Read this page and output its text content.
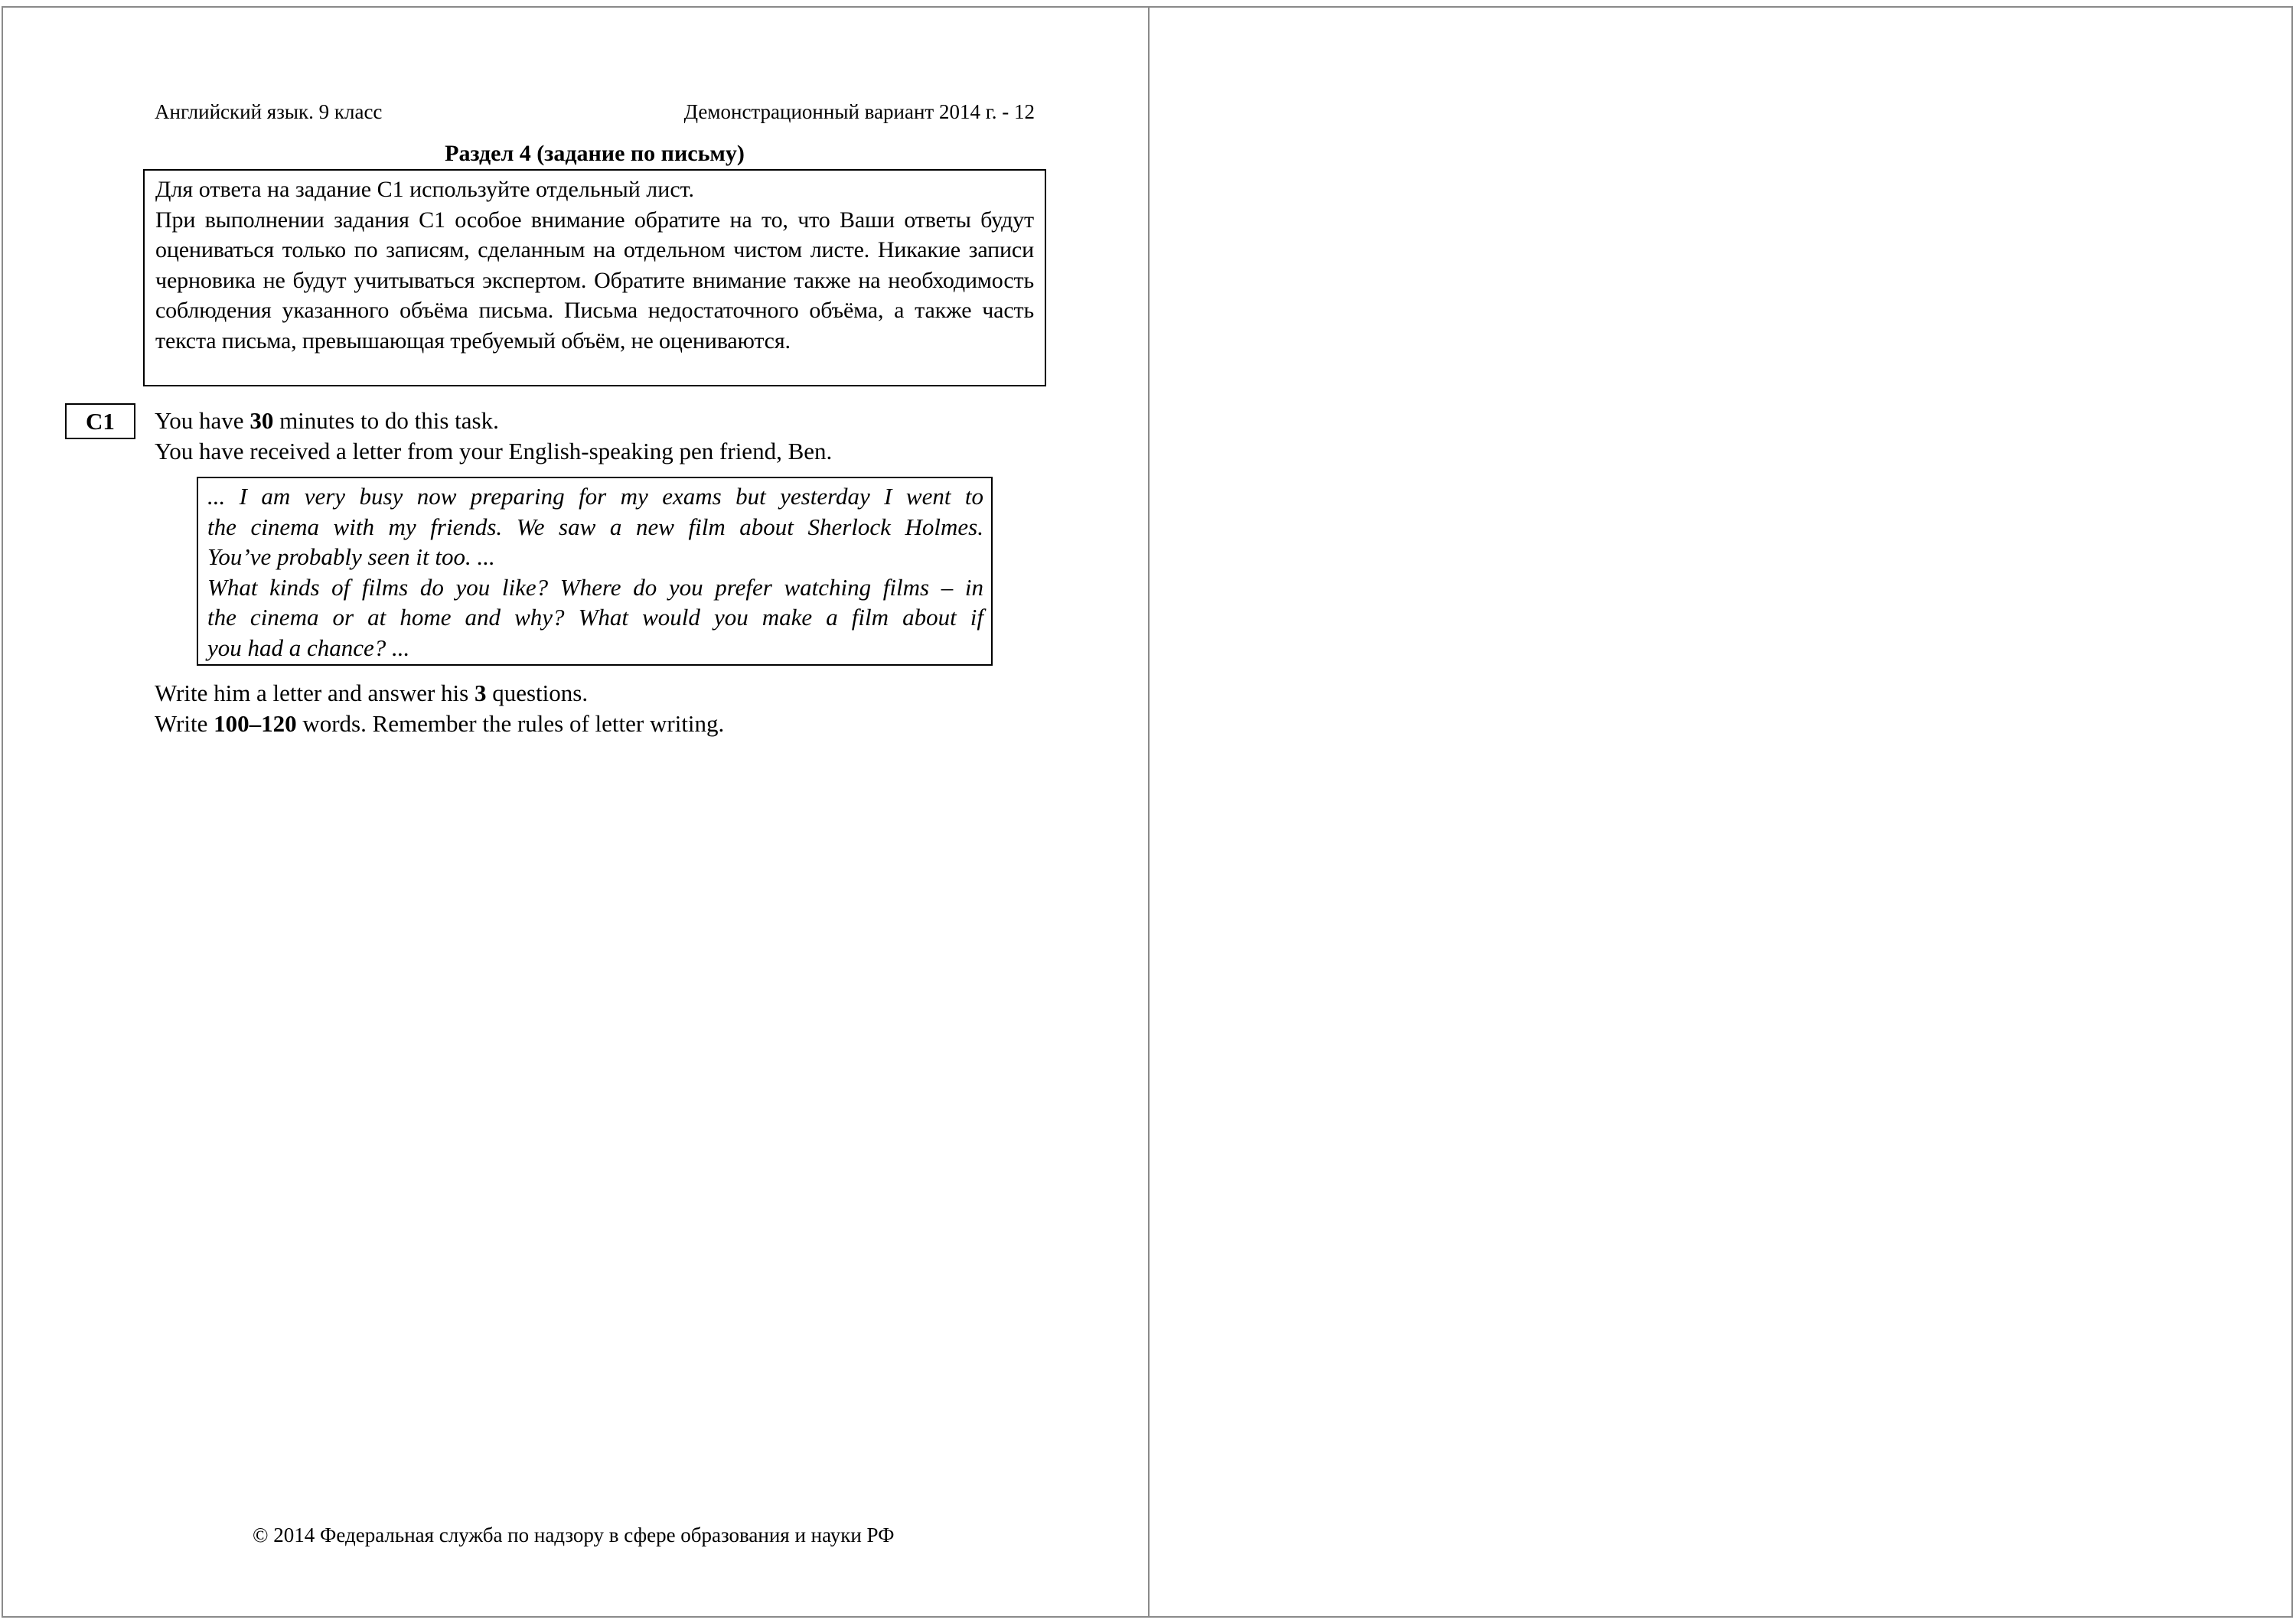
Английский язык. 9 класс	Демонстрационный вариант 2014 г. - 12
Раздел 4 (задание по письму)
Для ответа на задание С1 используйте отдельный лист.
При выполнении задания С1 особое внимание обратите на то, что Ваши ответы будут оцениваться только по записям, сделанным на отдельном чистом листе. Никакие записи черновика не будут учитываться экспертом. Обратите внимание также на необходимость соблюдения указанного объёма письма. Письма недостаточного объёма, а также часть текста письма, превышающая требуемый объём, не оцениваются.
С1	You have 30 minutes to do this task.
You have received a letter from your English-speaking pen friend, Ben.
... I am very busy now preparing for my exams but yesterday I went to
the cinema with my friends. We saw a new film about Sherlock Holmes.
You’ve probably seen it too. ...
What kinds of films do you like? Where do you prefer watching films – in
the cinema or at home and why? What would you make a film about if
you had a chance? ...
Write him a letter and answer his 3 questions.
Write 100–120 words. Remember the rules of letter writing.
© 2014 Федеральная служба по надзору в сфере образования и науки РФ
